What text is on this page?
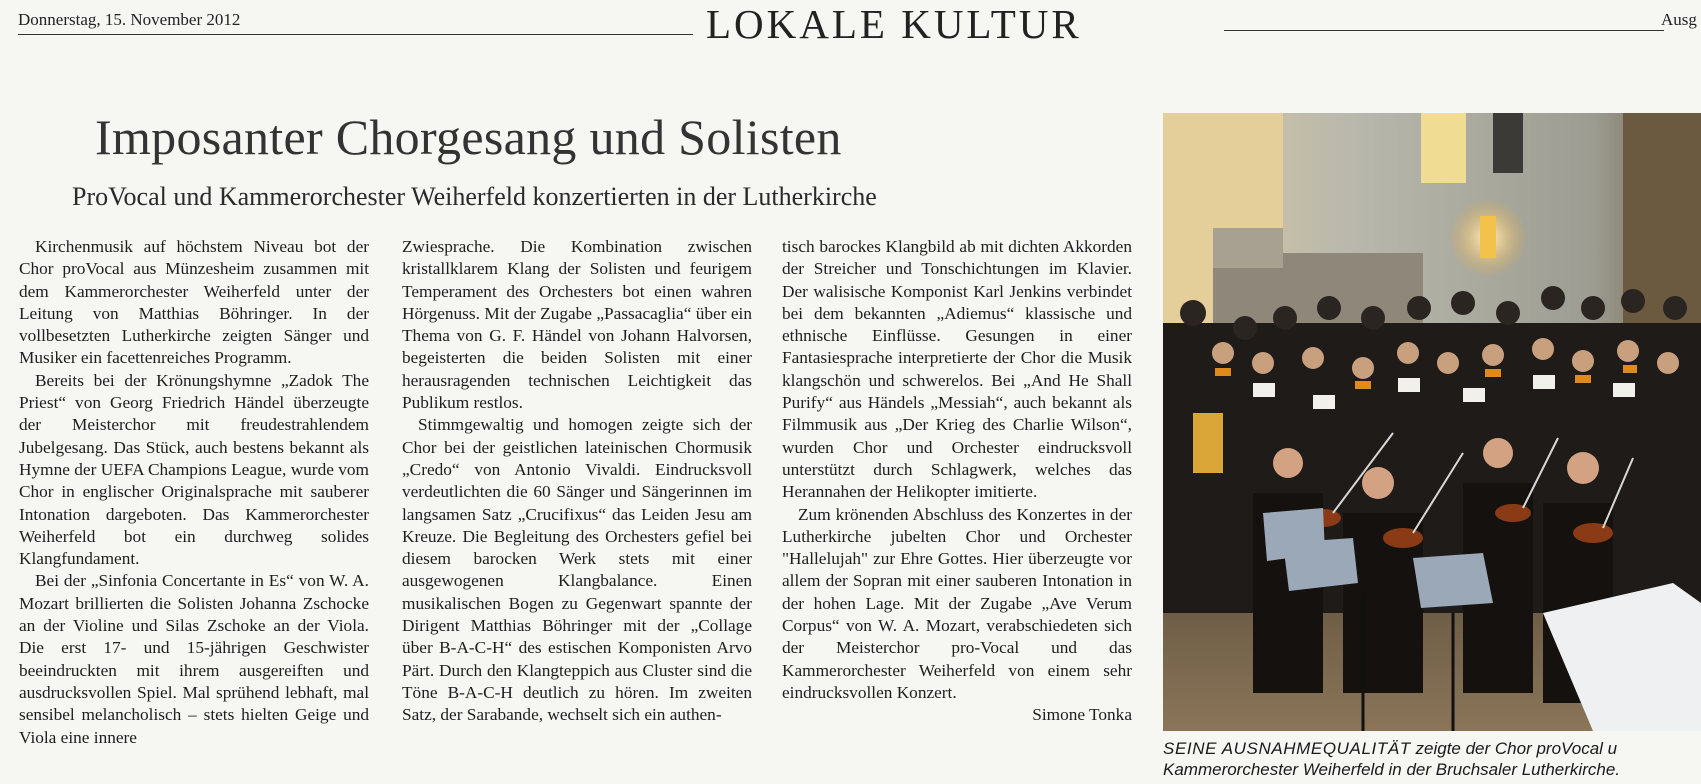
Donnerstag, 15. November 2012	LOKALE KULTUR	Ausg
Imposanter Chorgesang und Solisten
ProVocal und Kammerorchester Weiherfeld konzertierten in der Lutherkirche

Kirchenmusik auf höchstem Niveau bot der Chor proVocal aus Münzesheim zusammen mit dem Kammerorchester Weiherfeld unter der Leitung von Matthias Böhringer. In der vollbesetzten Lutherkirche zeigten Sänger und Musiker ein facettenreiches Programm.

Bereits bei der Krönungshymne „Zadok The Priest“ von Georg Friedrich Händel überzeugte der Meisterchor mit freudestrahlendem Jubelgesang. Das Stück, auch bestens bekannt als Hymne der UEFA Champions League, wurde vom Chor in englischer Originalsprache mit sauberer Intonation dargeboten. Das Kammerorchester Weiherfeld bot ein durchweg solides Klangfundament.

Bei der „Sinfonia Concertante in Es“ von W. A. Mozart brillierten die Solisten Johanna Zschocke an der Violine und Silas Zschoke an der Viola. Die erst 17- und 15-jährigen Geschwister beeindruckten mit ihrem ausgereiften und ausdrucksvollen Spiel. Mal sprühend lebhaft, mal sensibel melancholisch – stets hielten Geige und Viola eine innere

Zwiesprache. Die Kombination zwischen kristallklarem Klang der Solisten und feurigem Temperament des Orchesters bot einen wahren Hörgenuss. Mit der Zugabe „Passacaglia“ über ein Thema von G. F. Händel von Johann Halvorsen, begeisterten die beiden Solisten mit einer herausragenden technischen Leichtigkeit das Publikum restlos.

Stimmgewaltig und homogen zeigte sich der Chor bei der geistlichen lateinischen Chormusik „Credo“ von Antonio Vivaldi. Eindrucksvoll verdeutlichten die 60 Sänger und Sängerinnen im langsamen Satz „Crucifixus“ das Leiden Jesu am Kreuze. Die Begleitung des Orchesters gefiel bei diesem barocken Werk stets mit einer ausgewogenen Klangbalance. Einen musikalischen Bogen zu Gegenwart spannte der Dirigent Matthias Böhringer mit der „Collage über B-A-C-H“ des estischen Komponisten Arvo Pärt. Durch den Klangteppich aus Cluster sind die Töne B-A-C-H deutlich zu hören. Im zweiten Satz, der Sarabande, wechselt sich ein authen-

tisch barockes Klangbild ab mit dichten Akkorden der Streicher und Tonschichtungen im Klavier. Der walisische Komponist Karl Jenkins verbindet bei dem bekannten „Adiemus“ klassische und ethnische Einflüsse. Gesungen in einer Fantasiesprache interpretierte der Chor die Musik klangschön und schwerelos. Bei „And He Shall Purify“ aus Händels „Messiah“, auch bekannt als Filmmusik aus „Der Krieg des Charlie Wilson“, wurden Chor und Orchester eindrucksvoll unterstützt durch Schlagwerk, welches das Herannahen der Helikopter imitierte.

Zum krönenden Abschluss des Konzertes in der Lutherkirche jubelten Chor und Orchester "Hallelujah" zur Ehre Gottes. Hier überzeugte vor allem der Sopran mit einer sauberen Intonation in der hohen Lage. Mit der Zugabe „Ave Verum Corpus“ von W. A. Mozart, verabschiedeten sich der Meisterchor pro-Vocal und das Kammerorchester Weiherfeld von einem sehr eindrucksvollen Konzert.

Simone Tonka
SEINE AUSNAHMEQUALITÄT zeigte der Chor proVocal u
Kammerorchester Weiherfeld in der Bruchsaler Lutherkirche.
